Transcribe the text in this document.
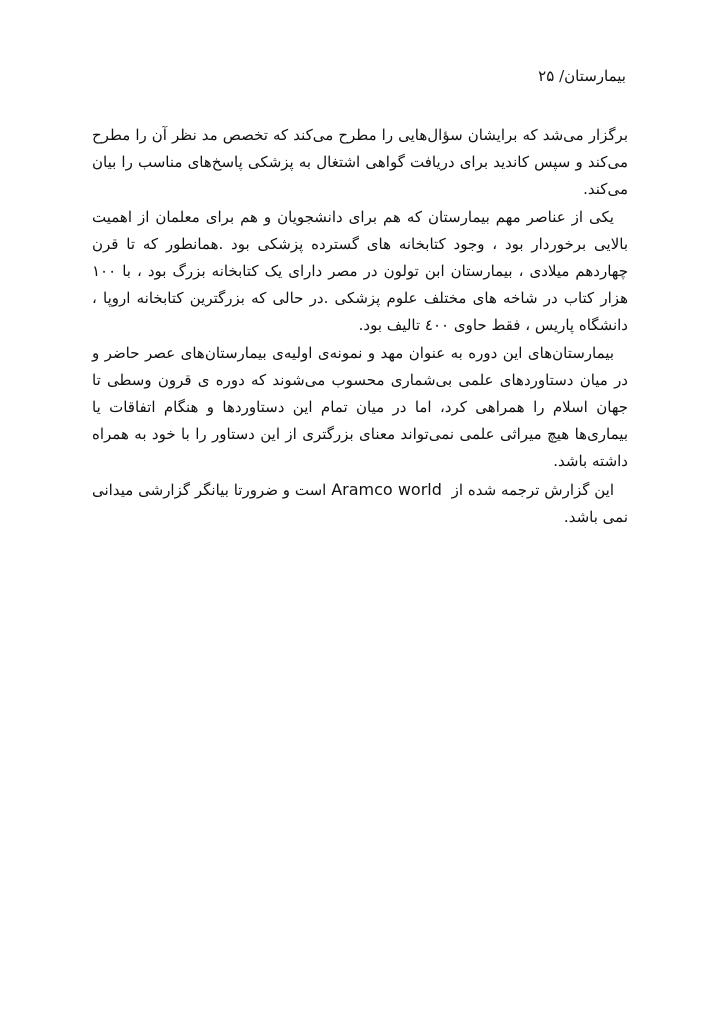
بیمارستان/ ۲۵

برگزار می‌شد که برایشان سؤال‌هایی را مطرح می‌کند که تخصص مد نظر آن را مطرح می‌کند و سپس کاندید برای دریافت گواهی اشتغال به پزشکی پاسخ‌های مناسب را بیان می‌کند.

یکی از عناصر مهم بیمارستان که هم برای دانشجویان و هم برای معلمان از اهمیت بالایی برخوردار بود ، وجود کتابخانه های گسترده پزشکی بود .همانطور که تا قرن چهاردهم میلادی ، بیمارستان ابن تولون در مصر دارای یک کتابخانه بزرگ بود ، با ۱۰۰ هزار کتاب در شاخه های مختلف علوم پزشکی .در حالی که بزرگترین کتابخانه اروپا ، دانشگاه پاریس ، فقط حاوی ٤٠٠ تالیف بود.

بیمارستان‌های این دوره به عنوان مهد و نمونه‌ی اولیه‌ی بیمارستان‌های عصر حاضر و در میان دستاوردهای علمی بی‌شماری محسوب می‌شوند که دوره ی قرون وسطی تا جهان اسلام را همراهی کرد، اما در میان تمام این دستاوردها و هنگام اتفاقات یا بیماری‌ها هیچ میراثی علمی نمی‌تواند معنای بزرگتری از این دستاور را با خود به همراه داشته باشد.

این گزارش ترجمه شده از  Aramco world است و ضرورتا بیانگر گزارشی میدانی نمی باشد.
